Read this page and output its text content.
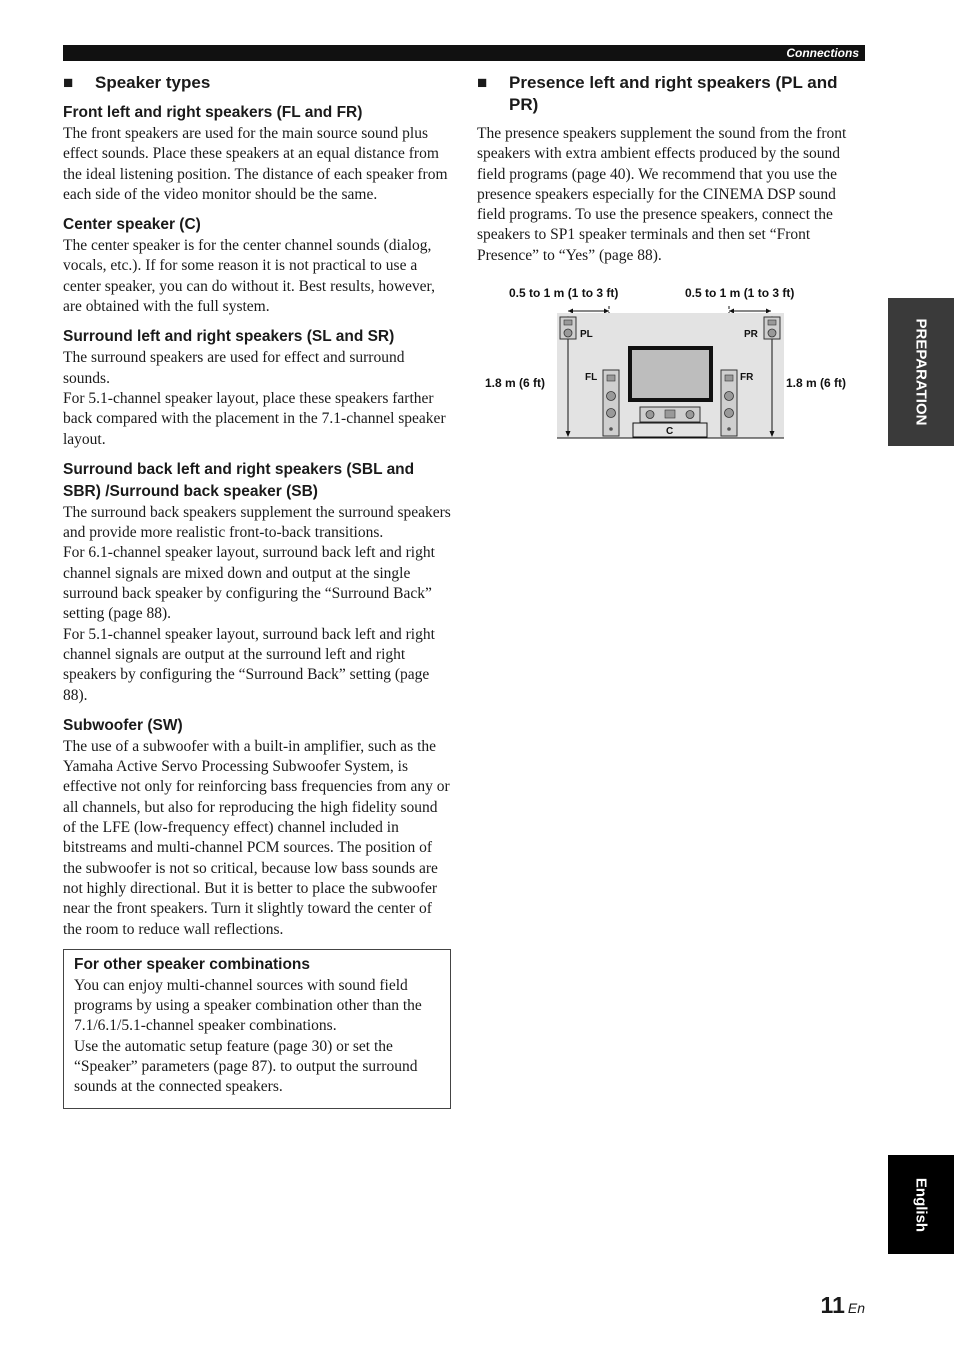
Connections
■	Speaker types
Front left and right speakers (FL and FR)

The front speakers are used for the main source sound plus effect sounds. Place these speakers at an equal distance from the ideal listening position. The distance of each speaker from each side of the video monitor should be the same.

Center speaker (C)

The center speaker is for the center channel sounds (dialog, vocals, etc.). If for some reason it is not practical to use a center speaker, you can do without it. Best results, however, are obtained with the full system.

Surround left and right speakers (SL and SR)

The surround speakers are used for effect and surround sounds.
For 5.1-channel speaker layout, place these speakers farther back compared with the placement in the 7.1-channel speaker layout.

Surround back left and right speakers (SBL and SBR) /Surround back speaker (SB)

The surround back speakers supplement the surround speakers and provide more realistic front-to-back transitions.
For 6.1-channel speaker layout, surround back left and right channel signals are mixed down and output at the single surround back speaker by configuring the “Surround Back” setting (page 88).
For 5.1-channel speaker layout, surround back left and right channel signals are output at the surround left and right speakers by configuring the “Surround Back” setting (page 88).

Subwoofer (SW)

The use of a subwoofer with a built-in amplifier, such as the Yamaha Active Servo Processing Subwoofer System, is effective not only for reinforcing bass frequencies from any or all channels, but also for reproducing the high fidelity sound of the LFE (low-frequency effect) channel included in bitstreams and multi-channel PCM sources. The position of the subwoofer is not so critical, because low bass sounds are not highly directional. But it is better to place the subwoofer near the front speakers. Turn it slightly toward the center of the room to reduce wall reflections.

For other speaker combinations

You can enjoy multi-channel sources with sound field programs by using a speaker combination other than the 7.1/6.1/5.1-channel speaker combinations.
Use the automatic setup feature (page 30) or set the “Speaker” parameters (page 87). to output the surround sounds at the connected speakers.

■	Presence left and right speakers (PL and PR)

The presence speakers supplement the sound from the front speakers with extra ambient effects produced by the sound field programs (page 40). We recommend that you use the presence speakers especially for the CINEMA DSP sound field programs. To use the presence speakers, connect the speakers to SP1 speaker terminals and then set “Front Presence” to “Yes” (page 88).

0.5 to 1 m (1 to 3 ft)	0.5 to 1 m (1 to 3 ft)
1.8 m (6 ft)	1.8 m (6 ft)
PL	PR
FL	FR
C
PREPARATION
English
11 En
